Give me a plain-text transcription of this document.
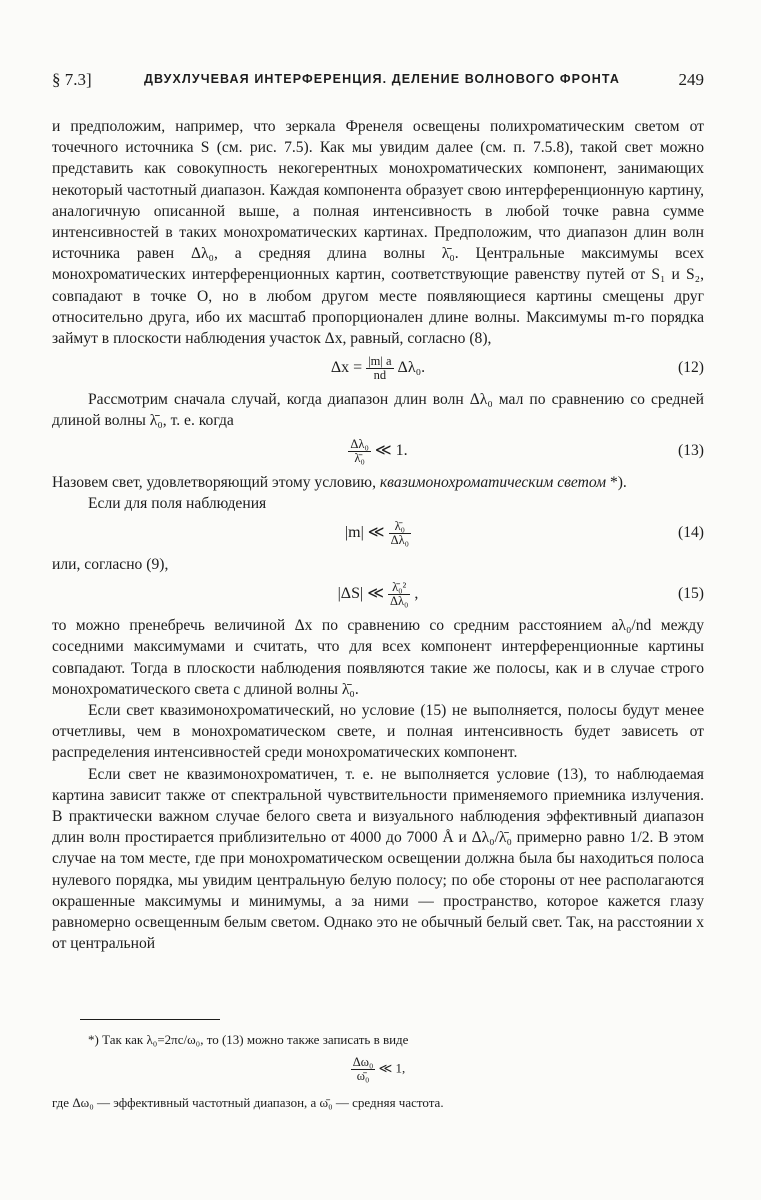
§ 7.3]	ДВУХЛУЧЕВАЯ ИНТЕРФЕРЕНЦИЯ. ДЕЛЕНИЕ ВОЛНОВОГО ФРОНТА	249

и предположим, например, что зеркала Френеля освещены полихроматическим светом от точечного источника S (см. рис. 7.5). Как мы увидим далее (см. п. 7.5.8), такой свет можно представить как совокупность некогерентных монохроматических компонент, занимающих некоторый частотный диапазон. Каждая компонента образует свою интерференционную картину, аналогичную описанной выше, а полная интенсивность в любой точке равна сумме интенсивностей в таких монохроматических картинах. Предположим, что диапазон длин волн источника равен Δλ₀, а средняя длина волны λ̄₀. Центральные максимумы всех монохроматических интерференционных картин, соответствующие равенству путей от S₁ и S₂, совпадают в точке O, но в любом другом месте появляющиеся картины смещены друг относительно друга, ибо их масштаб пропорционален длине волны. Максимумы m-го порядка займут в плоскости наблюдения участок Δx, равный, согласно (8),

$\Delta x = \frac{|m| a}{nd} \Delta\lambda_0$.	(12)

Рассмотрим сначала случай, когда диапазон длин волн Δλ₀ мал по сравнению со средней длиной волны λ̄₀, т. е. когда

$\frac{\text{Δλ₀}}{\text{λ̄₀}}$ ≪ 1.	(13)

Назовем свет, удовлетворяющий этому условию, квазимонохроматическим светом *).

Если для поля наблюдения

|m| ≪ $\frac{\text{λ̄₀}}{\text{Δλ₀}}$	(14)

или, согласно (9),

|ΔS| ≪ $\frac{\text{λ̄₀²}}{\text{Δλ₀}}$ ,	(15)

то можно пренебречь величиной Δx по сравнению со средним расстоянием aλ₀/nd между соседними максимумами и считать, что для всех компонент интерференционные картины совпадают. Тогда в плоскости наблюдения появляются такие же полосы, как и в случае строго монохроматического света с длиной волны λ̄₀.

Если свет квазимонохроматический, но условие (15) не выполняется, полосы будут менее отчетливы, чем в монохроматическом свете, и полная интенсивность будет зависеть от распределения интенсивностей среди монохроматических компонент.

Если свет не квазимонохроматичен, т. е. не выполняется условие (13), то наблюдаемая картина зависит также от спектральной чувствительности применяемого приемника излучения. В практически важном случае белого света и визуального наблюдения эффективный диапазон длин волн простирается приблизительно от 4000 до 7000 Å и Δλ₀/λ̄₀ примерно равно 1/2. В этом случае на том месте, где при монохроматическом освещении должна была бы находиться полоса нулевого порядка, мы увидим центральную белую полосу; по обе стороны от нее располагаются окрашенные максимумы и минимумы, а за ними — пространство, которое кажется глазу равномерно освещенным белым светом. Однако это не обычный белый свет. Так, на расстоянии x от центральной

*) Так как λ₀=2πc/ω₀, то (13) можно также записать в виде
$\frac{\text{Δω₀}}{\text{ω̄₀}}$ ≪ 1,
где Δω₀ — эффективный частотный диапазон, а ω̄₀ — средняя частота.
